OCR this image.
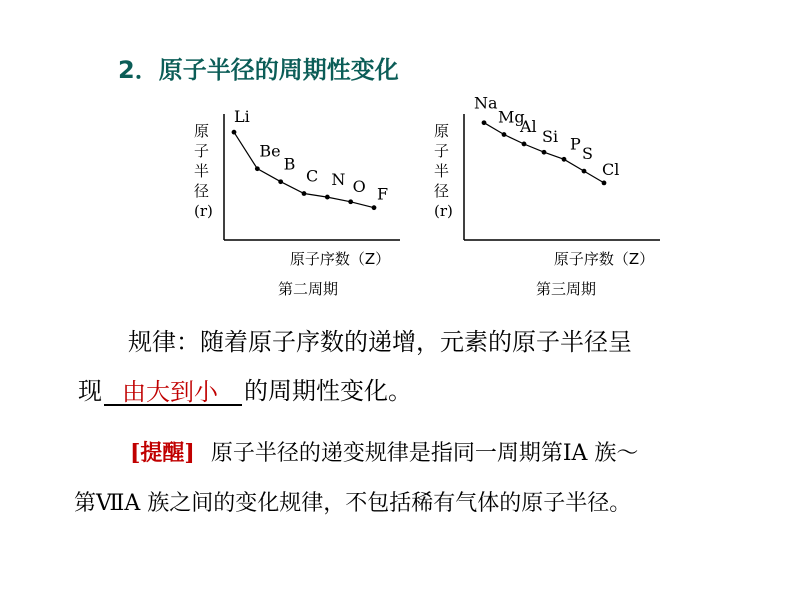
2．原子半径的周期性变化
原
子
半
径
(r)
原子序数（Z）
第二周期
Li
Be
B
C N O F
原
子
半
径
(r)
原子序数（Z）
第三周期
Na
Mg
Al
Si P
S
Cl
规律：随着原子序数的递增，元素的原子半径呈
现 由大到小 的周期性变化。
[提醒] 原子半径的递变规律是指同一周期第ⅠA 族～
第ⅦA 族之间的变化规律，不包括稀有气体的原子半径。
